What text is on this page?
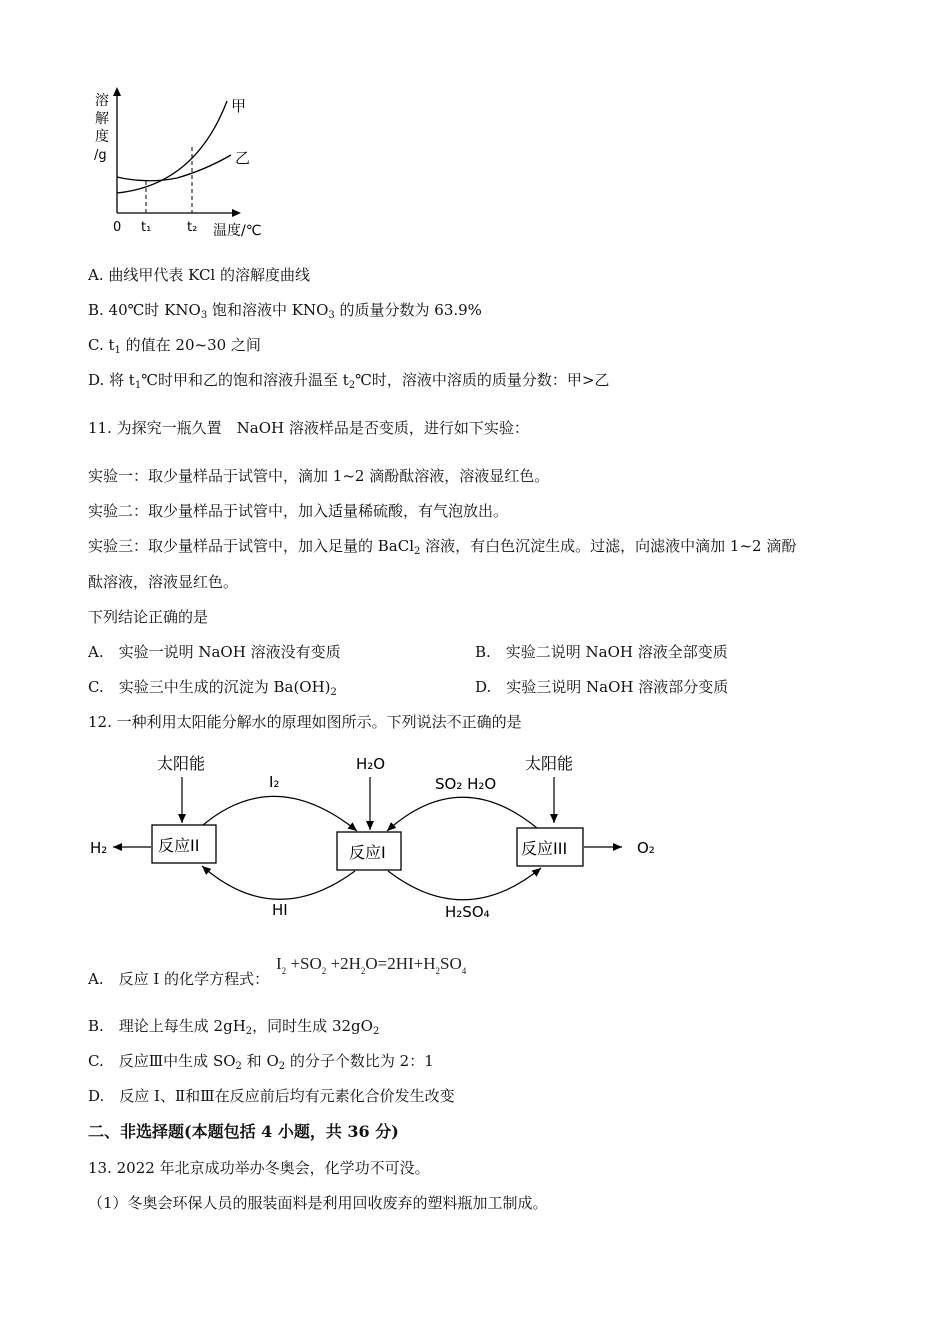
溶
解
度
/g
0 t₁	t₂ 温度/℃
甲
乙
A. 曲线甲代表 KCl 的溶解度曲线
B. 40℃时 $KNO_3$ 饱和溶液中 $KNO_3$ 的质量分数为 63.9%
C. $t_1$ 的值在 20~30 之间
D. 将 $t_1℃$时甲和乙的饱和溶液升温至 $t_2℃$时，溶液中溶质的质量分数：甲>乙
11. 为探究一瓶久置　NaOH 溶液样品是否变质，进行如下实验：
实验一：取少量样品于试管中，滴加 1~2 滴酚酞溶液，溶液显红色。
实验二：取少量样品于试管中，加入适量稀硫酸，有气泡放出。
实验三：取少量样品于试管中，加入足量的 BaCl$_2$ 溶液，有白色沉淀生成。过滤，向滤液中滴加 1~2 滴酚
酞溶液，溶液显红色。
下列结论正确的是
A.　实验一说明 NaOH 溶液没有变质	B.　实验二说明 NaOH 溶液全部变质
C.　实验三中生成的沉淀为 $Ba(OH)_2$	D.　实验三说明 NaOH 溶液部分变质
12. 一种利用太阳能分解水的原理如图所示。下列说法不正确的是
太阳能	H₂O	太阳能
反应II	反应I	反应III
H₂	O₂
I₂	SO₂ H₂O
HI	H₂SO₄
A.　反应 I 的化学方程式：
$I_2 +SO_2 +2H_2O=2HI+H_2SO_4$
B.　理论上每生成 $2gH_2$，同时生成 $32gO_2$
C.　反应Ⅲ中生成 $SO_2$ 和 $O_2$ 的分子个数比为 2：1
D.　反应 I、Ⅱ和Ⅲ在反应前后均有元素化合价发生改变
二、非选择题(本题包括 4 小题，共 36 分)
13. 2022 年北京成功举办冬奥会，化学功不可没。
（1）冬奥会环保人员的服装面料是利用回收废弃的塑料瓶加工制成。
